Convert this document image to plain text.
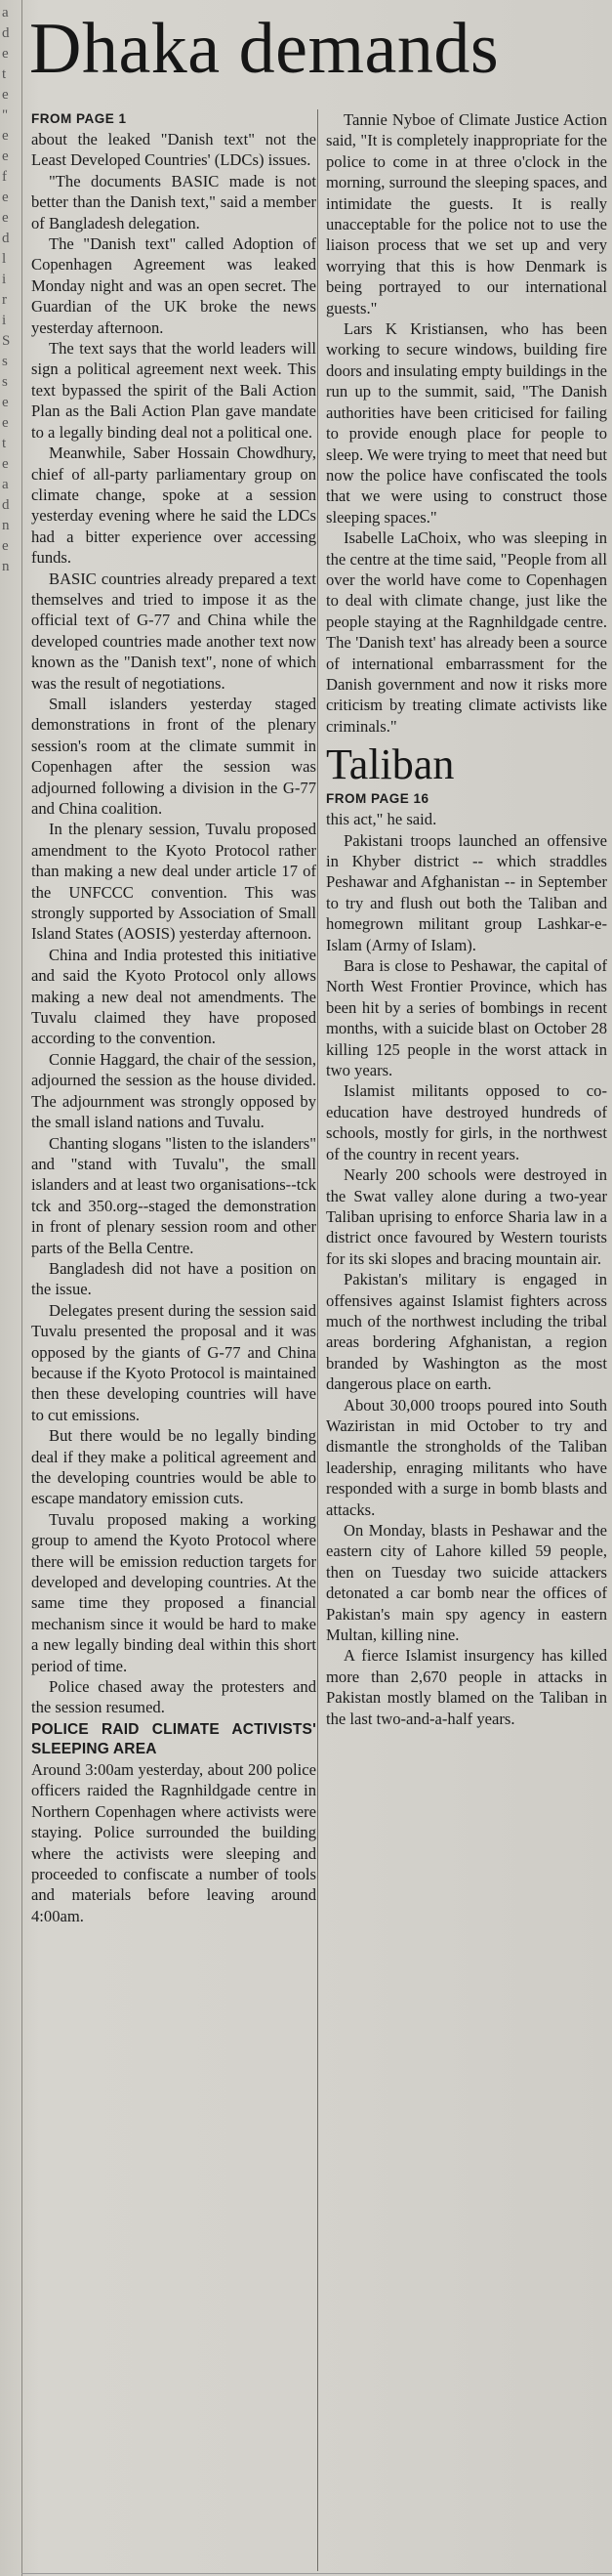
a
d
e
t
e
"
e
e
f
e
e
d
l
i
r
i
S
s
s
e
e
t
e
a
d
n
e
n
Dhaka demands
FROM PAGE 1

about the leaked "Danish text" not the Least Developed Countries' (LDCs) issues.

"The documents BASIC made is not better than the Danish text," said a member of Bangladesh delegation.

The "Danish text" called Adoption of Copenhagen Agreement was leaked Monday night and was an open secret. The Guardian of the UK broke the news yesterday afternoon.

The text says that the world leaders will sign a political agreement next week. This text bypassed the spirit of the Bali Action Plan as the Bali Action Plan gave mandate to a legally binding deal not a political one.

Meanwhile, Saber Hossain Chowdhury, chief of all-party parliamentary group on climate change, spoke at a session yesterday evening where he said the LDCs had a bitter experience over accessing funds.

BASIC countries already prepared a text themselves and tried to impose it as the official text of G-77 and China while the developed countries made another text now known as the "Danish text", none of which was the result of negotiations.

Small islanders yesterday staged demonstrations in front of the plenary session's room at the climate summit in Copenhagen after the session was adjourned following a division in the G-77 and China coalition.

In the plenary session, Tuvalu proposed amendment to the Kyoto Protocol rather than making a new deal under article 17 of the UNFCCC convention. This was strongly supported by Association of Small Island States (AOSIS) yesterday afternoon.

China and India protested this initiative and said the Kyoto Protocol only allows making a new deal not amendments. The Tuvalu claimed they have proposed according to the convention.

Connie Haggard, the chair of the session, adjourned the session as the house divided. The adjournment was strongly opposed by the small island nations and Tuvalu.

Chanting slogans "listen to the islanders" and "stand with Tuvalu", the small islanders and at least two organisations--tck tck and 350.org--staged the demonstration in front of plenary session room and other parts of the Bella Centre.

Bangladesh did not have a position on the issue.

Delegates present during the session said Tuvalu presented the proposal and it was opposed by the giants of G-77 and China because if the Kyoto Protocol is maintained then these developing countries will have to cut emissions.

But there would be no legally binding deal if they make a political agreement and the developing countries would be able to escape mandatory emission cuts.

Tuvalu proposed making a working group to amend the Kyoto Protocol where there will be emission reduction targets for developed and developing countries. At the same time they proposed a financial mechanism since it would be hard to make a new legally binding deal within this short period of time.

Police chased away the protesters and the session resumed.

POLICE RAID CLIMATE ACTIVISTS' SLEEPING AREA

Around 3:00am yesterday, about 200 police officers raided the Ragnhildgade centre in Northern Copenhagen where activists were staying. Police surrounded the building where the activists were sleeping and proceeded to confiscate a number of tools and materials before leaving around 4:00am.

Tannie Nyboe of Climate Justice Action said, "It is completely inappropriate for the police to come in at three o'clock in the morning, surround the sleeping spaces, and intimidate the guests. It is really unacceptable for the police not to use the liaison process that we set up and very worrying that this is how Denmark is being portrayed to our international guests."

Lars K Kristiansen, who has been working to secure windows, building fire doors and insulating empty buildings in the run up to the summit, said, "The Danish authorities have been criticised for failing to provide enough place for people to sleep. We were trying to meet that need but now the police have confiscated the tools that we were using to construct those sleeping spaces."

Isabelle LaChoix, who was sleeping in the centre at the time said, "People from all over the world have come to Copenhagen to deal with climate change, just like the people staying at the Ragnhildgade centre. The 'Danish text' has already been a source of international embarrassment for the Danish government and now it risks more criticism by treating climate activists like criminals."

Taliban
FROM PAGE 16

this act," he said.

Pakistani troops launched an offensive in Khyber district -- which straddles Peshawar and Afghanistan -- in September to try and flush out both the Taliban and homegrown militant group Lashkar-e-Islam (Army of Islam).

Bara is close to Peshawar, the capital of North West Frontier Province, which has been hit by a series of bombings in recent months, with a suicide blast on October 28 killing 125 people in the worst attack in two years.

Islamist militants opposed to co-education have destroyed hundreds of schools, mostly for girls, in the northwest of the country in recent years.

Nearly 200 schools were destroyed in the Swat valley alone during a two-year Taliban uprising to enforce Sharia law in a district once favoured by Western tourists for its ski slopes and bracing mountain air.

Pakistan's military is engaged in offensives against Islamist fighters across much of the northwest including the tribal areas bordering Afghanistan, a region branded by Washington as the most dangerous place on earth.

About 30,000 troops poured into South Waziristan in mid October to try and dismantle the strongholds of the Taliban leadership, enraging militants who have responded with a surge in bomb blasts and attacks.

On Monday, blasts in Peshawar and the eastern city of Lahore killed 59 people, then on Tuesday two suicide attackers detonated a car bomb near the offices of Pakistan's main spy agency in eastern Multan, killing nine.

A fierce Islamist insurgency has killed more than 2,670 people in attacks in Pakistan mostly blamed on the Taliban in the last two-and-a-half years.
